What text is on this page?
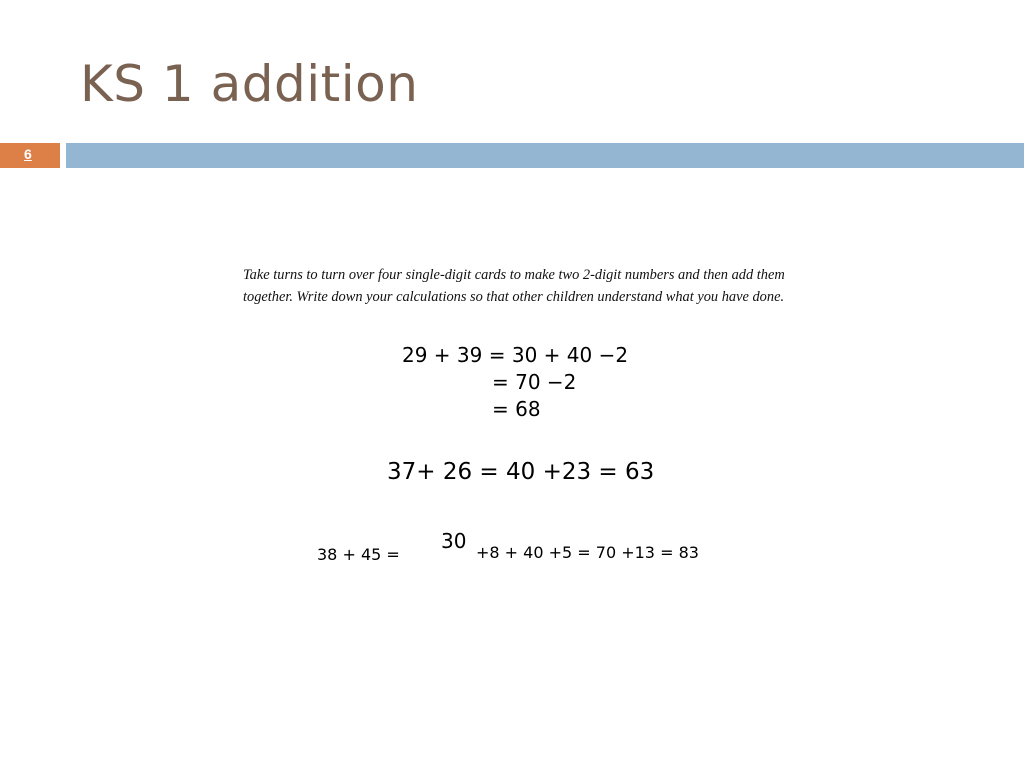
KS 1 addition
6

Take turns to turn over four single-digit cards to make two 2-digit numbers and then add them together. Write down your calculations so that other children understand what you have done.

29 + 39 = 30 + 40 −2
= 70 −2
= 68
37+ 26 = 40 +23 = 63
38 + 45 =
30 +8 + 40 +5 = 70 +13 = 83
